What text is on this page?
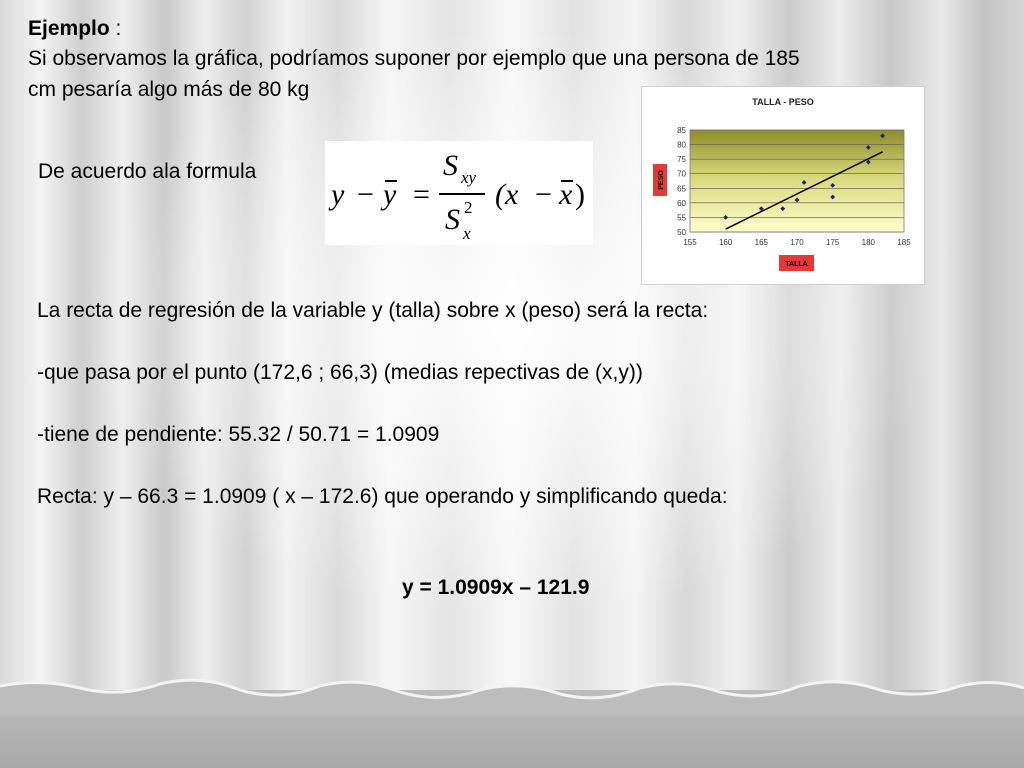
Ejemplo :
Si observamos la gráfica, podríamos suponer por ejemplo que una persona de 185
cm pesaría algo más de 80 kg
De acuerdo ala formula
y − y =
S xy
S 2
x
(x − x )
TALLA - PESO
50
55
60
65
70
75
80
85
155	160	165	170	175	180	185
PESO
TALLA
La recta de regresión de la variable y (talla) sobre x (peso) será la recta:
-que pasa por el punto (172,6 ; 66,3) (medias repectivas de (x,y))
-tiene de pendiente: 55.32 / 50.71 = 1.0909
Recta: y – 66.3 = 1.0909 ( x – 172.6) que operando y simplificando queda:
y = 1.0909x – 121.9
